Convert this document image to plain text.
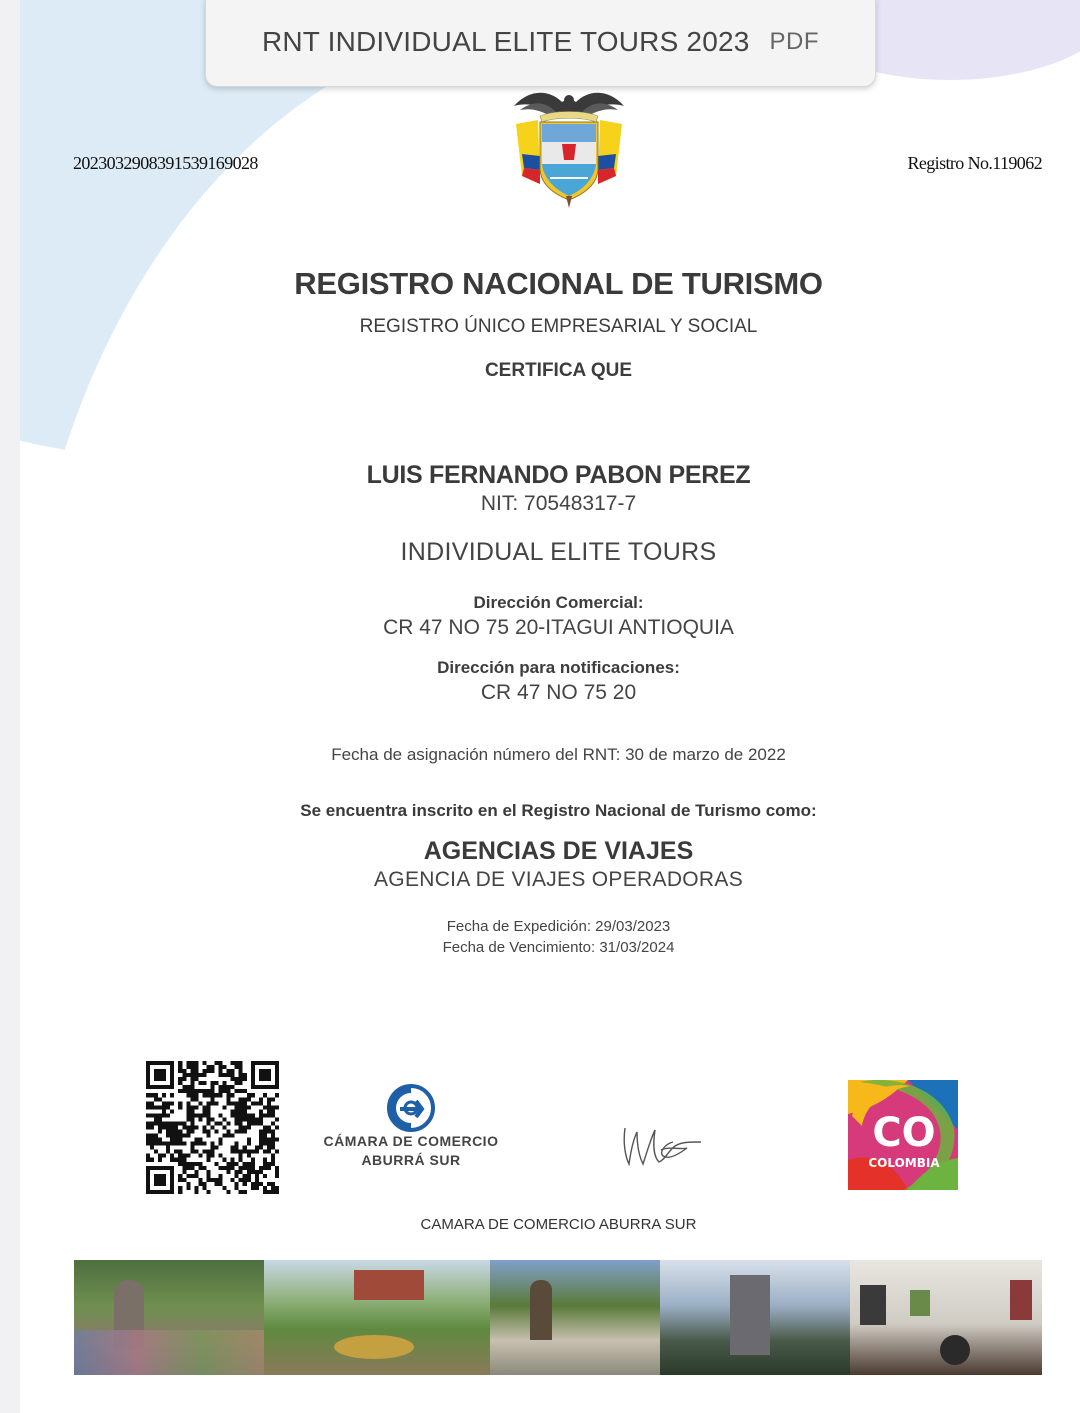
RNT INDIVIDUAL ELITE TOURS 2023 PDF
2023032908391539169028	Registro No.119062
REGISTRO NACIONAL DE TURISMO
REGISTRO ÚNICO EMPRESARIAL Y SOCIAL
CERTIFICA QUE
LUIS FERNANDO PABON PEREZ
NIT: 70548317-7
INDIVIDUAL ELITE TOURS
Dirección Comercial:
CR 47 NO 75 20-ITAGUI ANTIOQUIA
Dirección para notificaciones:
CR 47 NO 75 20
Fecha de asignación número del RNT: 30 de marzo de 2022
Se encuentra inscrito en el Registro Nacional de Turismo como:
AGENCIAS DE VIAJES
AGENCIA DE VIAJES OPERADORAS
Fecha de Expedición: 29/03/2023
Fecha de Vencimiento: 31/03/2024
CÁMARA DE COMERCIO
ABURRÁ SUR
CO
COLOMBIA
CAMARA DE COMERCIO ABURRA SUR
